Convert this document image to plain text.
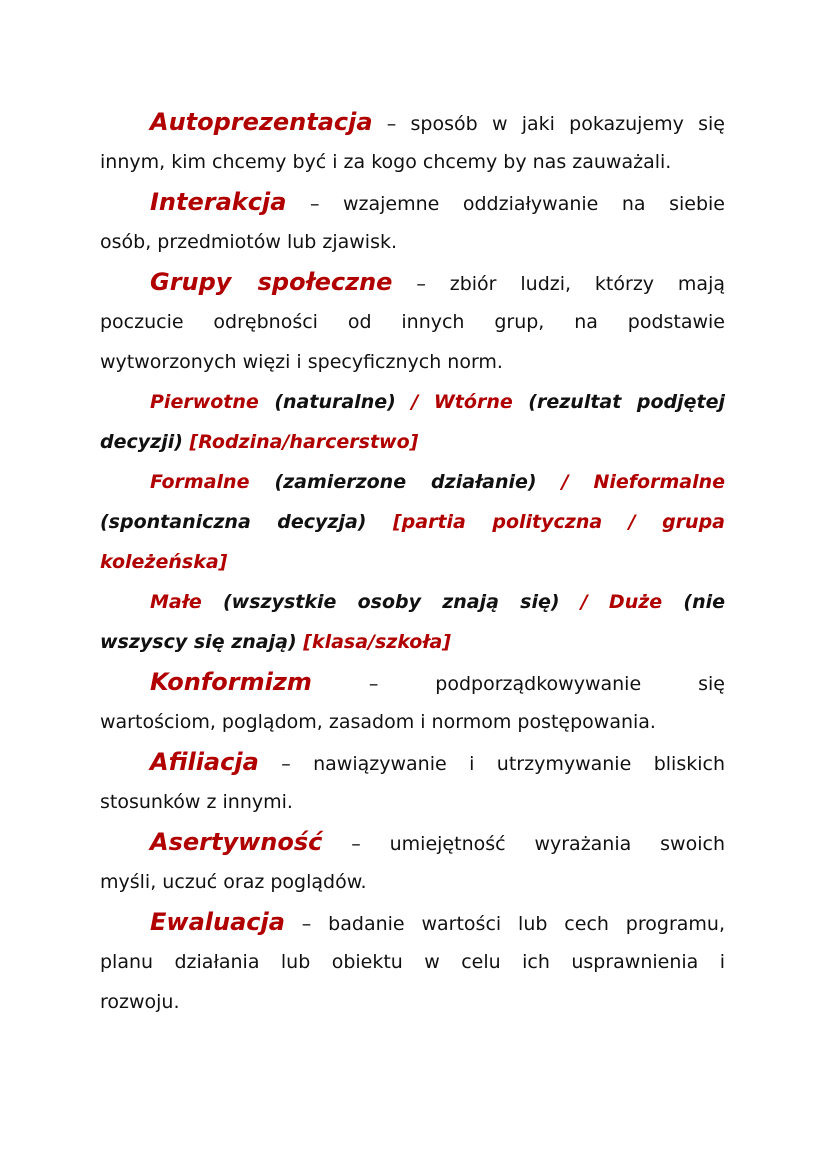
Autoprezentacja – sposób w jaki pokazujemy się
innym, kim chcemy być i za kogo chcemy by nas zauważali.
Interakcja – wzajemne oddziaływanie na siebie
osób, przedmiotów lub zjawisk.
Grupy społeczne – zbiór ludzi, którzy mają
poczucie odrębności od innych grup, na podstawie
wytworzonych więzi i specyficznych norm.
Pierwotne (naturalne) / Wtórne (rezultat podjętej
decyzji) [Rodzina/harcerstwo]
Formalne (zamierzone działanie) / Nieformalne
(spontaniczna decyzja) [partia polityczna / grupa
koleżeńska]
Małe (wszystkie osoby znają się) / Duże (nie
wszyscy się znają) [klasa/szkoła]
Konformizm – podporządkowywanie się
wartościom, poglądom, zasadom i normom postępowania.
Afiliacja – nawiązywanie i utrzymywanie bliskich
stosunków z innymi.
Asertywność – umiejętność wyrażania swoich
myśli, uczuć oraz poglądów.
Ewaluacja – badanie wartości lub cech programu,
planu działania lub obiektu w celu ich usprawnienia i
rozwoju.
